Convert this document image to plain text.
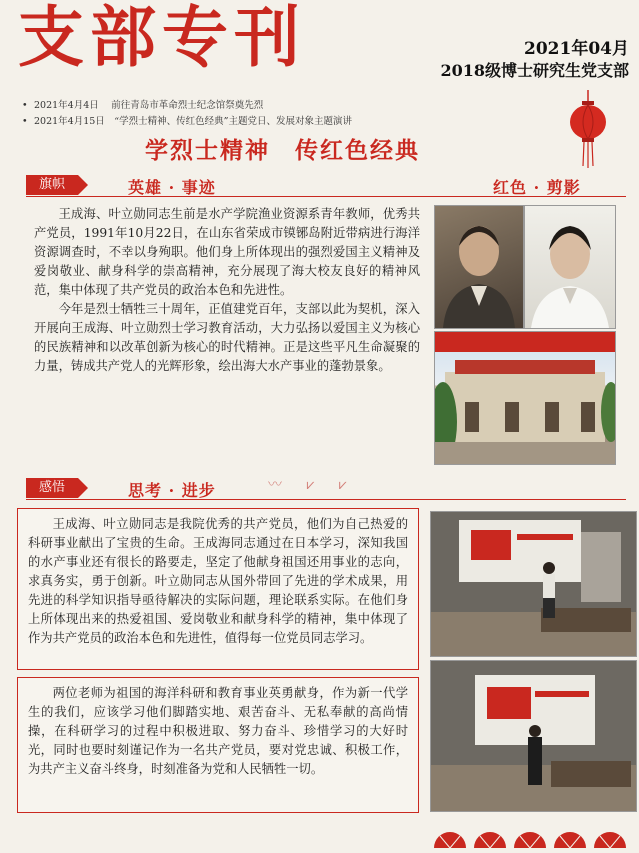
支部专刊	2021年04月
2018级博士研究生党支部
• 2021年4月4日　 前往青岛市革命烈士纪念馆祭奠先烈
• 2021年4月15日　“学烈士精神、传红色经典”主题党日、发展对象主题演讲
学烈士精神　传红色经典
旗帜	英雄 · 事迹	红色 · 剪影

王成海、叶立勋同志生前是水产学院渔业资源系青年教师，优秀共产党员，1991年10月22日，在山东省荣成市镆铘岛附近带病进行海洋资源调查时，不幸以身殉职。他们身上所体现出的强烈爱国主义精神及爱岗敬业、献身科学的崇高精神，充分展现了海大校友良好的精神风范，集中体现了共产党员的政治本色和先进性。

今年是烈士牺牲三十周年，正值建党百年，支部以此为契机，深入开展向王成海、叶立勋烈士学习教育活动，大力弘扬以爱国主义为核心的民族精神和以改革创新为核心的时代精神。正是这些平凡生命凝聚的力量，铸成共产党人的光辉形象，绘出海大水产事业的蓬勃景象。

感悟	思考 · 进步	〰 ⩗ ⩗

王成海、叶立勋同志是我院优秀的共产党员，他们为自己热爱的科研事业献出了宝贵的生命。王成海同志通过在日本学习，深知我国的水产事业还有很长的路要走，坚定了他献身祖国还用事业的志向，求真务实，勇于创新。叶立勋同志从国外带回了先进的学术成果，用先进的科学知识指导亟待解决的实际问题，理论联系实际。在他们身上所体现出来的热爱祖国、爱岗敬业和献身科学的精神，集中体现了作为共产党员的政治本色和先进性，值得每一位党员同志学习。

两位老师为祖国的海洋科研和教育事业英勇献身，作为新一代学生的我们，应该学习他们脚踏实地、艰苦奋斗、无私奉献的高尚情操，在科研学习的过程中积极进取、努力奋斗、珍惜学习的大好时光，同时也要时刻谨记作为一名共产党员，要对党忠诚、积极工作，为共产主义奋斗终身，时刻准备为党和人民牺牲一切。
